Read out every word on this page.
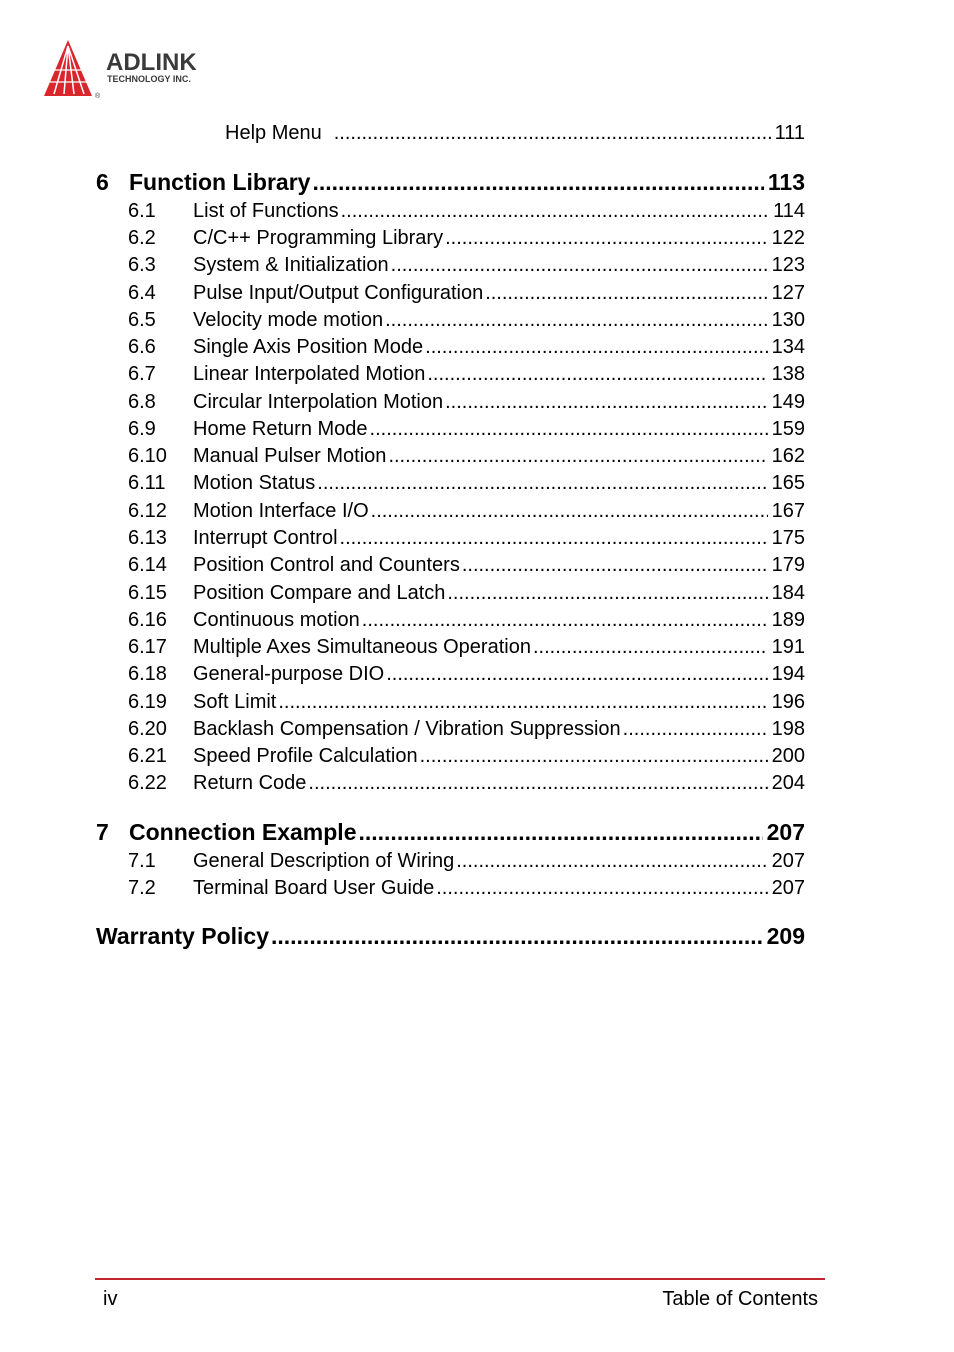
ADLINK
TECHNOLOGY INC.
®
Help Menu .....	111
6 Function Library .....	113
6.1	List of Functions .....	114
6.2	C/C++ Programming Library .....	122
6.3	System & Initialization .....	123
6.4	Pulse Input/Output Configuration .....	127
6.5	Velocity mode motion .....	130
6.6	Single Axis Position Mode .....	134
6.7	Linear Interpolated Motion .....	138
6.8	Circular Interpolation Motion .....	149
6.9	Home Return Mode .....	159
6.10	Manual Pulser Motion .....	162
6.11	Motion Status .....	165
6.12	Motion Interface I/O .....	167
6.13	Interrupt Control .....	175
6.14	Position Control and Counters .....	179
6.15	Position Compare and Latch .....	184
6.16	Continuous motion .....	189
6.17	Multiple Axes Simultaneous Operation .....	191
6.18	General-purpose DIO .....	194
6.19	Soft Limit .....	196
6.20	Backlash Compensation / Vibration Suppression .....	198
6.21	Speed Profile Calculation .....	200
6.22	Return Code .....	204
7 Connection Example .....	207
7.1	General Description of Wiring .....	207
7.2	Terminal Board User Guide .....	207
Warranty Policy .....	209
iv	Table of Contents
